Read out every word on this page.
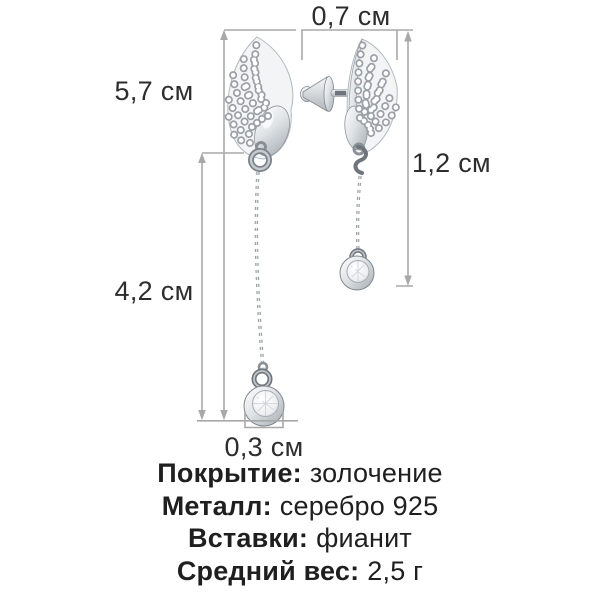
0,7 см
5,7 см
1,2 см
4,2 см
0,3 см
Покрытие: золочение
Металл: серебро 925
Вставки: фианит
Средний вес: 2,5 г
